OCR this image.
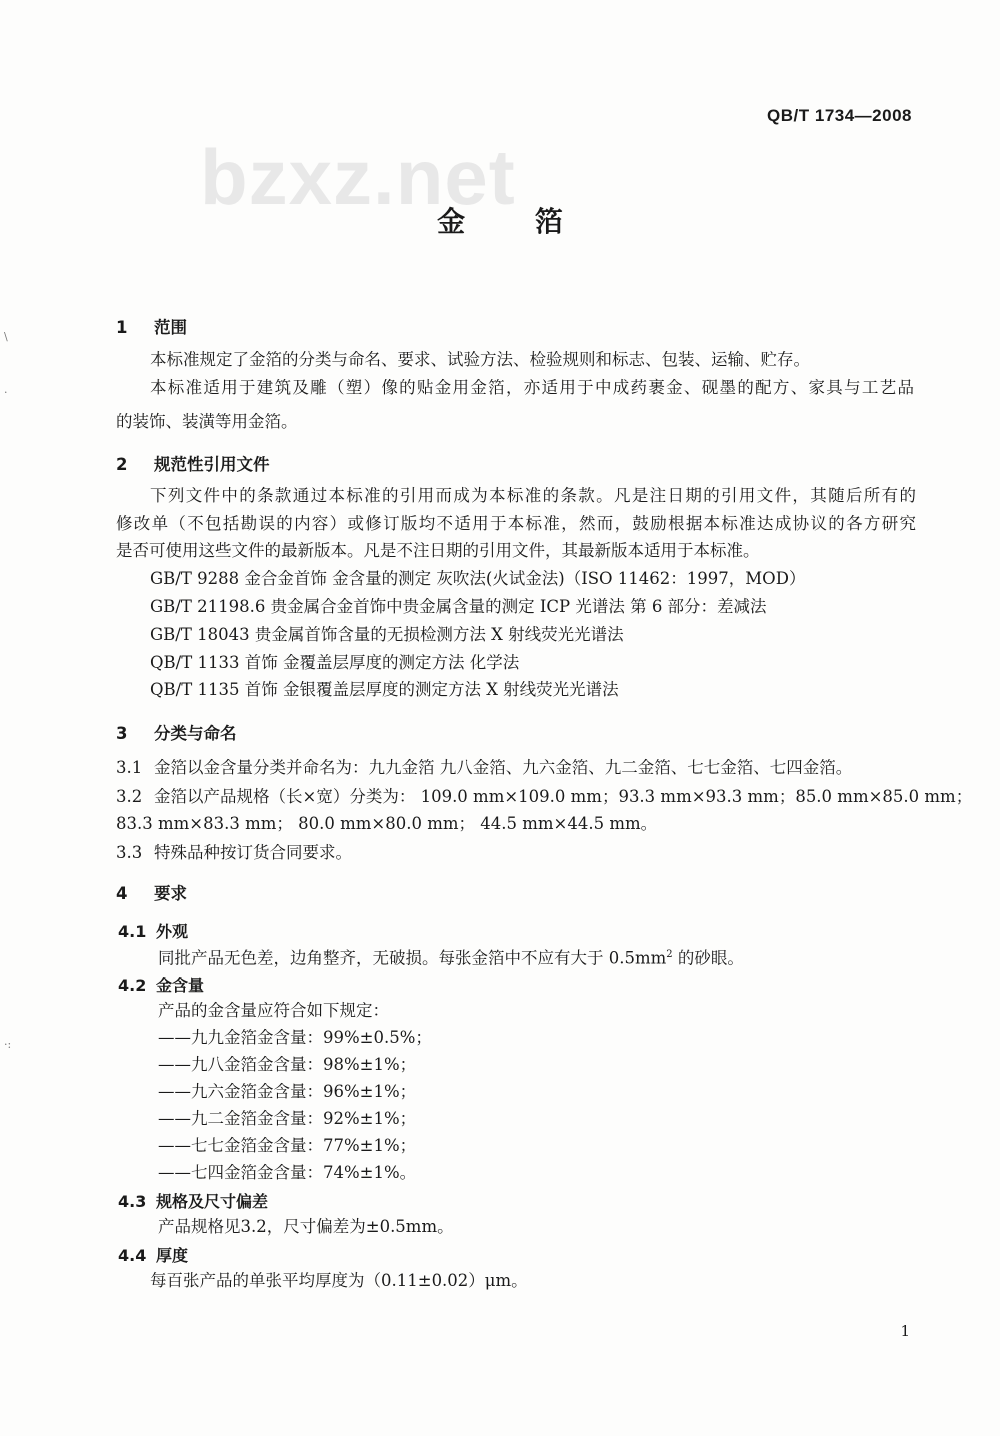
QB/T 1734—2008
bzxz.net
金 箔
\
·
·:
1 范围
本标准规定了金箔的分类与命名、要求、试验方法、检验规则和标志、包装、运输、贮存。
本标准适用于建筑及雕（塑）像的贴金用金箔，亦适用于中成药裹金、砚墨的配方、家具与工艺品
的装饰、装潢等用金箔。
2 规范性引用文件
下列文件中的条款通过本标准的引用而成为本标准的条款。凡是注日期的引用文件，其随后所有的
修改单（不包括勘误的内容）或修订版均不适用于本标准，然而，鼓励根据本标准达成协议的各方研究
是否可使用这些文件的最新版本。凡是不注日期的引用文件，其最新版本适用于本标准。
GB/T 9288 金合金首饰 金含量的测定 灰吹法(火试金法)（ISO 11462：1997，MOD）
GB/T 21198.6 贵金属合金首饰中贵金属含量的测定 ICP 光谱法 第 6 部分：差减法
GB/T 18043 贵金属首饰含量的无损检测方法 X 射线荧光光谱法
QB/T 1133 首饰 金覆盖层厚度的测定方法 化学法
QB/T 1135 首饰 金银覆盖层厚度的测定方法 X 射线荧光光谱法
3 分类与命名
3.1 金箔以金含量分类并命名为：九九金箔 九八金箔、九六金箔、九二金箔、七七金箔、七四金箔。
3.2 金箔以产品规格（长×宽）分类为： 109.0 mm×109.0 mm；93.3 mm×93.3 mm；85.0 mm×85.0 mm；
83.3 mm×83.3 mm； 80.0 mm×80.0 mm； 44.5 mm×44.5 mm。
3.3 特殊品种按订货合同要求。
4 要求
4.1 外观
同批产品无色差，边角整齐，无破损。每张金箔中不应有大于 $0.5mm^2$ 的砂眼。
4.2 金含量
产品的金含量应符合如下规定：
——九九金箔金含量：99%±0.5%；
——九八金箔金含量：98%±1%；
——九六金箔金含量：96%±1%；
——九二金箔金含量：92%±1%；
——七七金箔金含量：77%±1%；
——七四金箔金含量：74%±1%。
4.3 规格及尺寸偏差
产品规格见3.2，尺寸偏差为±0.5mm。
4.4 厚度
每百张产品的单张平均厚度为（0.11±0.02）μm。
1
